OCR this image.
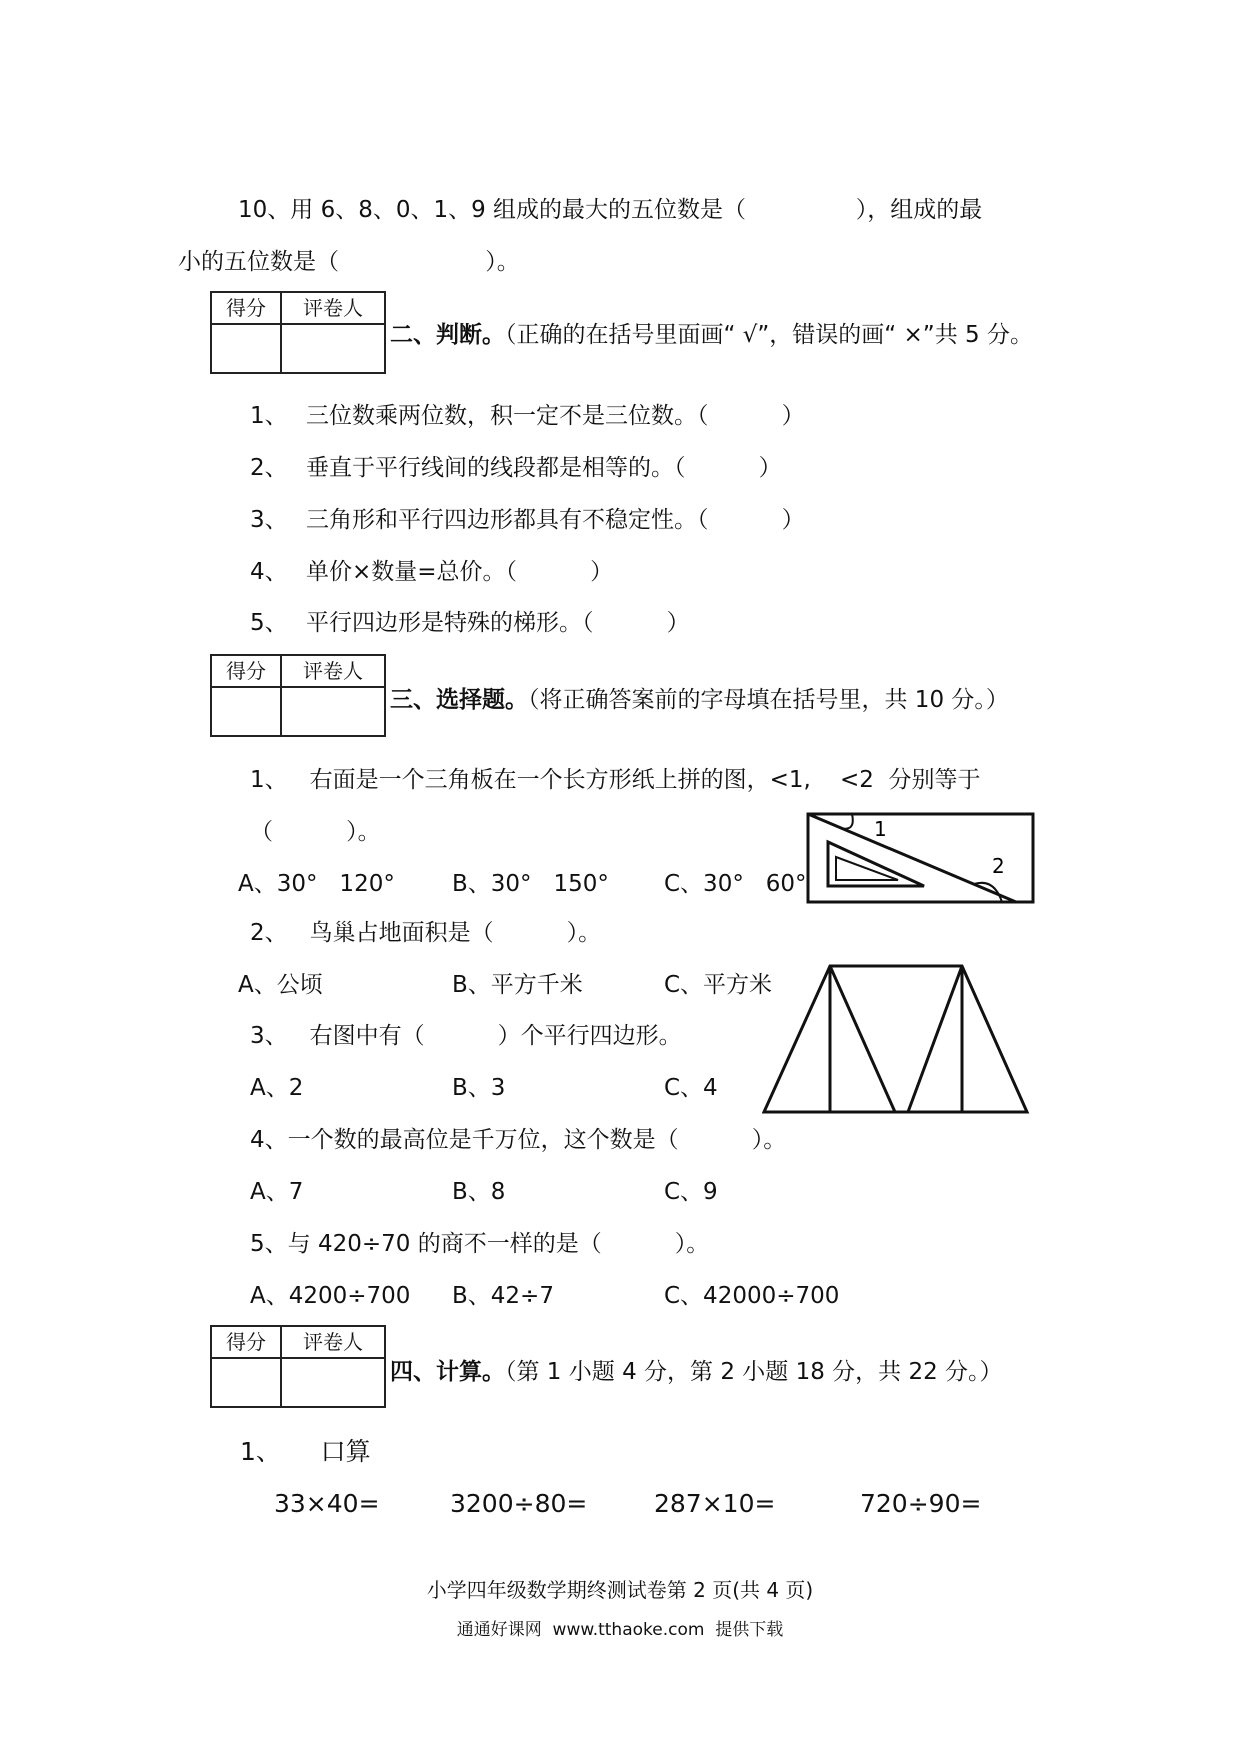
10、用 6、8、0、1、9 组成的最大的五位数是（               ），组成的最
小的五位数是（                    ）。
得分	评卷人
二、判断。（正确的在括号里面画“ √”，错误的画“ ×”共 5 分。
1、 三位数乘两位数，积一定不是三位数。（          ）
2、 垂直于平行线间的线段都是相等的。（          ）
3、 三角形和平行四边形都具有不稳定性。（          ）
4、 单价×数量=总价。（          ）
5、 平行四边形是特殊的梯形。（          ）
得分	评卷人
三、选择题。（将正确答案前的字母填在括号里，共 10 分。）
1、   右面是一个三角板在一个长方形纸上拼的图，<1,    <2  分别等于
（          ）。
A、30°   120° B、30°   150° C、30°   60°
1
2
2、   鸟巢占地面积是（          ）。
A、公顷	B、平方千米	C、平方米
3、   右图中有（          ）个平行四边形。
A、2	B、3	C、4
4、一个数的最高位是千万位，这个数是（          ）。
A、7	B、8	C、9
5、与 420÷70 的商不一样的是（          ）。
A、4200÷700 B、42÷7	C、42000÷700
得分	评卷人
四、计算。（第 1 小题 4 分，第 2 小题 18 分，共 22 分。）
1、     口算
33×40=	3200÷80=	287×10=	720÷90=
小学四年级数学期终测试卷第 2 页(共 4 页)
通通好课网  www.tthaoke.com  提供下载
